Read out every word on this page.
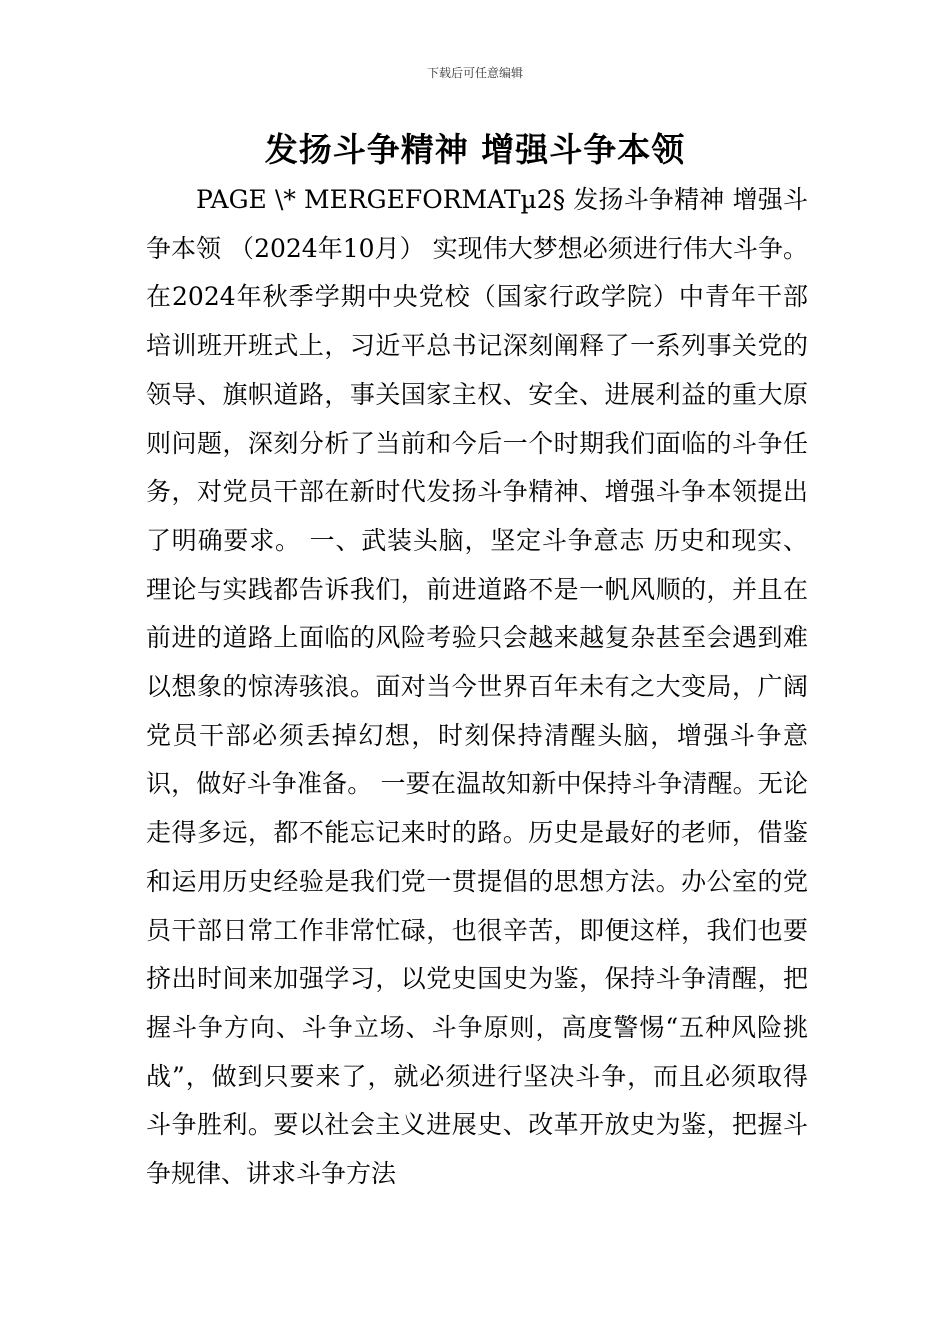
下载后可任意编辑
发扬斗争精神 增强斗争本领

PAGE \* MERGEFORMATµ2§ 发扬斗争精神 增强斗争本领 （2024年10月） 实现伟大梦想必须进行伟大斗争。在2024年秋季学期中央党校（国家行政学院）中青年干部培训班开班式上，习近平总书记深刻阐释了一系列事关党的领导、旗帜道路，事关国家主权、安全、进展利益的重大原则问题，深刻分析了当前和今后一个时期我们面临的斗争任务，对党员干部在新时代发扬斗争精神、增强斗争本领提出了明确要求。 一、武装头脑，坚定斗争意志 历史和现实、理论与实践都告诉我们，前进道路不是一帆风顺的，并且在前进的道路上面临的风险考验只会越来越复杂甚至会遇到难以想象的惊涛骇浪。面对当今世界百年未有之大变局，广阔党员干部必须丢掉幻想，时刻保持清醒头脑，增强斗争意识，做好斗争准备。 一要在温故知新中保持斗争清醒。无论走得多远，都不能忘记来时的路。历史是最好的老师，借鉴和运用历史经验是我们党一贯提倡的思想方法。办公室的党员干部日常工作非常忙碌，也很辛苦，即便这样，我们也要挤出时间来加强学习，以党史国史为鉴，保持斗争清醒，把握斗争方向、斗争立场、斗争原则，高度警惕“五种风险挑战”，做到只要来了，就必须进行坚决斗争，而且必须取得斗争胜利。要以社会主义进展史、改革开放史为鉴，把握斗争规律、讲求斗争方法
